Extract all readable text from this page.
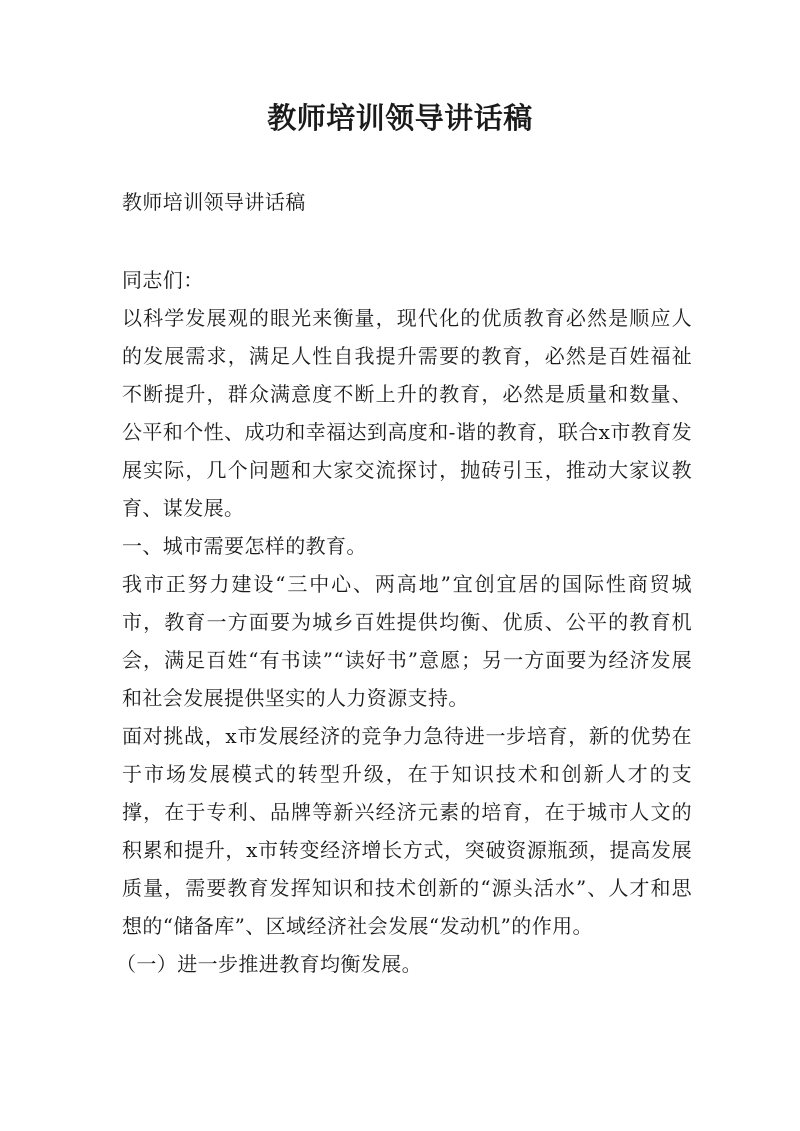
教师培训领导讲话稿

教师培训领导讲话稿

同志们：

以科学发展观的眼光来衡量，现代化的优质教育必然是顺应人的发展需求，满足人性自我提升需要的教育，必然是百姓福祉不断提升，群众满意度不断上升的教育，必然是质量和数量、公平和个性、成功和幸福达到高度和-谐的教育，联合x市教育发展实际，几个问题和大家交流探讨，抛砖引玉，推动大家议教育、谋发展。

一、城市需要怎样的教育。

我市正努力建设“三中心、两高地”宜创宜居的国际性商贸城市，教育一方面要为城乡百姓提供均衡、优质、公平的教育机会，满足百姓“有书读”“读好书”意愿；另一方面要为经济发展和社会发展提供坚实的人力资源支持。

面对挑战，x市发展经济的竞争力急待进一步培育，新的优势在于市场发展模式的转型升级，在于知识技术和创新人才的支撑，在于专利、品牌等新兴经济元素的培育，在于城市人文的积累和提升，x市转变经济增长方式，突破资源瓶颈，提高发展质量，需要教育发挥知识和技术创新的“源头活水”、人才和思想的“储备库”、区域经济社会发展“发动机”的作用。

（一）进一步推进教育均衡发展。
